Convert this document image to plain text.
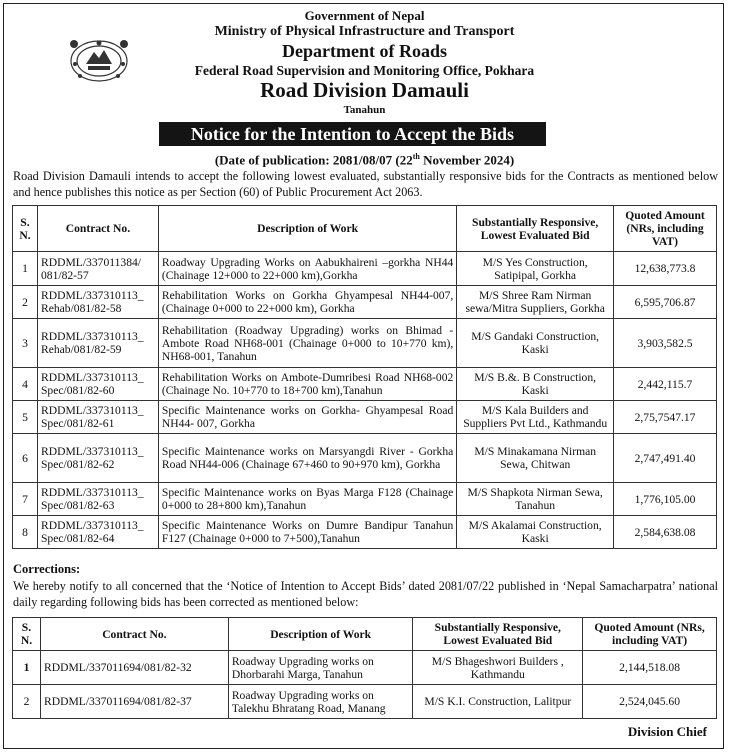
Government of Nepal
Ministry of Physical Infrastructure and Transport
Department of Roads
Federal Road Supervision and Monitoring Office, Pokhara
Road Division Damauli
Tanahun
Notice for the Intention to Accept the Bids
(Date of publication: 2081/08/07 (22th November 2024)
Road Division Damauli intends to accept the following lowest evaluated, substantially responsive bids for the Contracts as mentioned below and hence publishes this notice as per Section (60) of Public Procurement Act 2063.
S. N.	Contract No.	Description of Work	Substantially Responsive, Lowest Evaluated Bid	Quoted Amount (NRs, including VAT)
1	RDDML/337011384/ 081/82-57	Roadway Upgrading Works on Aabukhaireni –gorkha NH44 (Chainage 12+000 to 22+000 km),Gorkha	M/S Yes Construction, Satipipal, Gorkha	12,638,773.8
2	RDDML/337310113_ Rehab/081/82-58	Rehabilitation Works on Gorkha Ghyampesal NH44-007, (Chainage 0+000 to 22+000 km), Gorkha	M/S Shree Ram Nirman sewa/Mitra Suppliers, Gorkha	6,595,706.87
3	RDDML/337310113_ Rehab/081/82-59	Rehabilitation (Roadway Upgrading) works on Bhimad - Ambote Road NH68-001 (Chainage 0+000 to 10+770 km), NH68-001, Tanahun	M/S Gandaki Construction, Kaski	3,903,582.5
4	RDDML/337310113_ Spec/081/82-60	Rehabilitation Works on Ambote-Dumribesi Road NH68-002 (Chainage No. 10+770 to 18+700 km),Tanahun	M/S B.&. B Construction, Kaski	2,442,115.7
5	RDDML/337310113_ Spec/081/82-61	Specific Maintenance works on Gorkha- Ghyampesal Road NH44- 007, Gorkha	M/S Kala Builders and Suppliers Pvt Ltd., Kathmandu	2,75,7547.17
6	RDDML/337310113_ Spec/081/82-62	Specific Maintenance works on Marsyangdi River - Gorkha Road NH44-006 (Chainage 67+460 to 90+970 km), Gorkha	M/S Minakamana Nirman Sewa, Chitwan	2,747,491.40
7	RDDML/337310113_ Spec/081/82-63	Specific Maintenance works on Byas Marga F128 (Chainage 0+000 to 28+800 km),Tanahun	M/S Shapkota Nirman Sewa, Tanahun	1,776,105.00
8	RDDML/337310113_ Spec/081/82-64	Specific Maintenance Works on Dumre Bandipur Tanahun F127 (Chainage 0+000 to 7+500),Tanahun	M/S Akalamai Construction, Kaski	2,584,638.08
Corrections:
We hereby notify to all concerned that the ‘Notice of Intention to Accept Bids’ dated 2081/07/22 published in ‘Nepal Samacharpatra’ national daily regarding following bids has been corrected as mentioned below:
S. N.	Contract No.	Description of Work	Substantially Responsive, Lowest Evaluated Bid	Quoted Amount (NRs, including VAT)
1	RDDML/337011694/081/82-32	Roadway Upgrading works on Dhorbarahi Marga, Tanahun	M/S Bhageshwori Builders , Kathmandu	2,144,518.08
2	RDDML/337011694/081/82-37	Roadway Upgrading works on Talekhu Bhratang Road, Manang	M/S K.I. Construction, Lalitpur	2,524,045.60
Division Chief
